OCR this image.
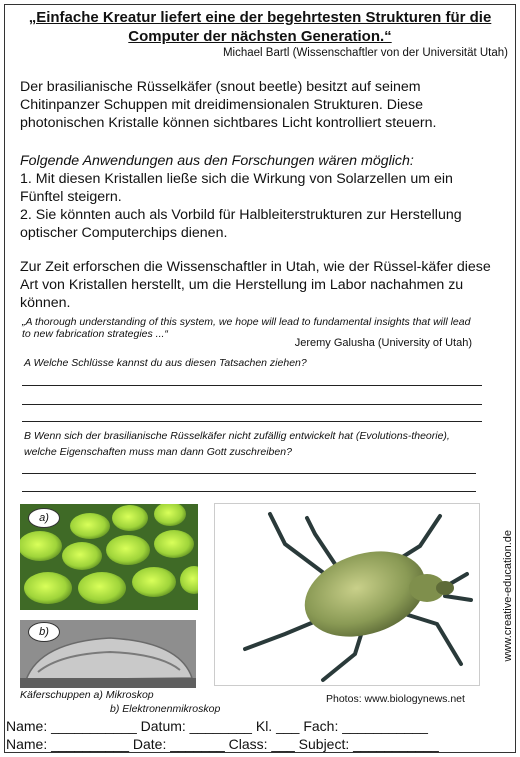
„Einfache Kreatur liefert eine der begehrtesten Strukturen für die Computer der nächsten Generation.“
Michael Bartl (Wissenschaftler von der Universität Utah)
Der brasilianische Rüsselkäfer (snout beetle) besitzt auf seinem Chitinpanzer Schuppen mit dreidimensionalen Strukturen. Diese photonischen Kristalle können sichtbares Licht kontrolliert steuern.
Folgende Anwendungen aus den Forschungen wären möglich:
1. Mit diesen Kristallen ließe sich die Wirkung von Solarzellen um ein Fünftel steigern.
2. Sie könnten auch als Vorbild für Halbleiterstrukturen zur Herstellung optischer Computerchips dienen.
Zur Zeit erforschen die Wissenschaftler in Utah, wie der Rüssel-käfer diese Art von Kristallen herstellt, um die Herstellung im Labor nachahmen zu können.
„A thorough understanding of this system, we hope will lead to fundamental insights that will lead to new fabrication strategies ...“
Jeremy Galusha (University of Utah)
A Welche Schlüsse kannst du aus diesen Tatsachen ziehen?
B Wenn sich der brasilianische Rüsselkäfer nicht zufällig entwickelt hat (Evolutions-theorie), welche Eigenschaften muss man dann Gott zuschreiben?
a)
b)
Käferschuppen a) Mikroskop
b) Elektronenmikroskop
Photos: www.biologynews.net
www.creative-education.de
Name: ___________ Datum: ________ Kl. ___ Fach: ___________
Name: __________ Date: _______ Class: ___ Subject: ___________
